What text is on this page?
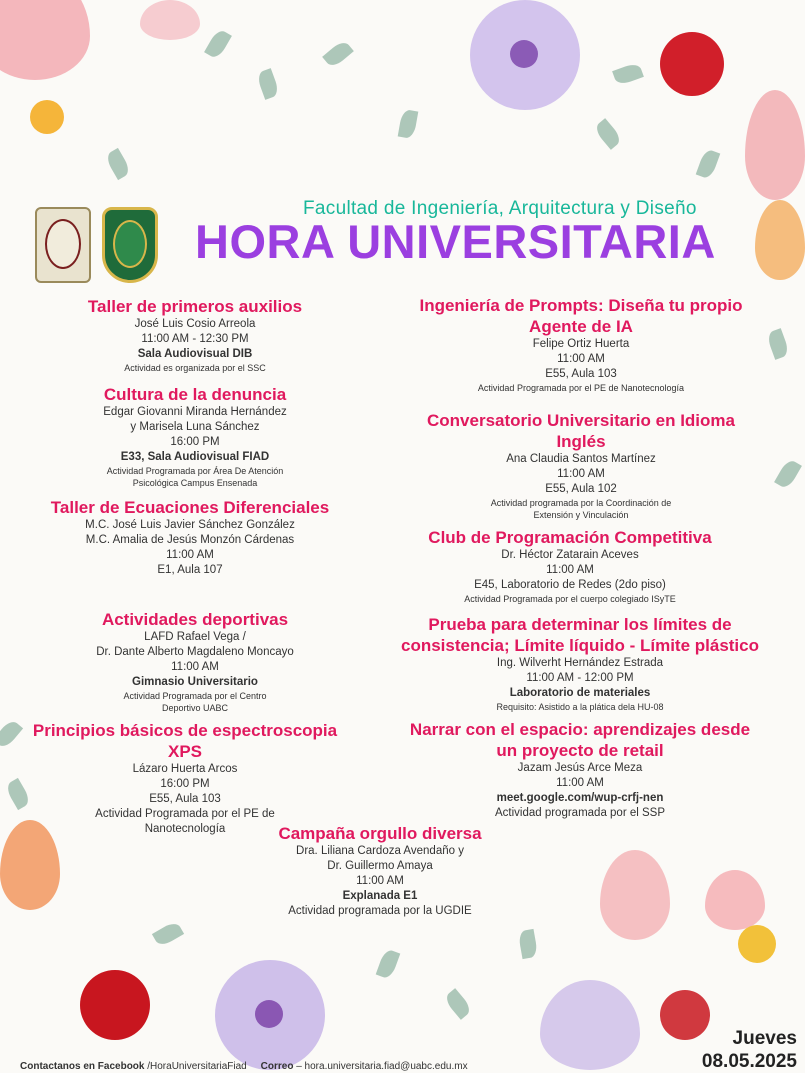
Facultad de Ingeniería, Arquitectura y Diseño
HORA UNIVERSITARIA
Taller de primeros auxilios
José Luis Cosio Arreola
11:00 AM - 12:30 PM
Sala Audiovisual DIB
Actividad es organizada por el SSC
Cultura de la denuncia
Edgar Giovanni Miranda Hernández
y Marisela Luna Sánchez
16:00 PM
E33, Sala Audiovisual FIAD
Actividad Programada por Área De Atención
Psicológica Campus Ensenada
Taller de Ecuaciones Diferenciales
M.C. José Luis Javier Sánchez González
M.C. Amalia de Jesús Monzón Cárdenas
11:00 AM
E1, Aula 107
Actividades deportivas
LAFD Rafael Vega /
Dr. Dante Alberto Magdaleno Moncayo
11:00 AM
Gimnasio Universitario
Actividad Programada por el Centro
Deportivo UABC
Principios básicos de espectroscopia XPS
Lázaro Huerta Arcos
16:00 PM
E55, Aula 103
Actividad Programada por el PE de
Nanotecnología
Ingeniería de Prompts: Diseña tu propio Agente de IA
Felipe Ortiz Huerta
11:00 AM
E55, Aula 103
Actividad Programada por el PE de Nanotecnología
Conversatorio Universitario en Idioma Inglés
Ana Claudia Santos Martínez
11:00 AM
E55, Aula 102
Actividad programada por la Coordinación de
Extensión y Vinculación
Club de Programación Competitiva
Dr. Héctor Zatarain Aceves
11:00 AM
E45, Laboratorio de Redes (2do piso)
Actividad Programada por el cuerpo colegiado ISyTE
Prueba para determinar los límites de consistencia; Límite líquido - Límite plástico
Ing. Wilverht Hernández Estrada
11:00 AM - 12:00 PM
Laboratorio de materiales
Requisito: Asistido a la plática dela HU-08
Narrar con el espacio: aprendizajes desde un proyecto de retail
Jazam Jesús Arce Meza
11:00 AM
meet.google.com/wup-crfj-nen
Actividad programada por el SSP
Campaña orgullo diversa
Dra. Liliana Cardoza Avendaño y
Dr. Guillermo Amaya
11:00 AM
Explanada E1
Actividad programada por la UGDIE
Contactanos en Facebook /HoraUniversitariaFiad Correo – hora.universitaria.fiad@uabc.edu.mx
Jueves
08.05.2025
